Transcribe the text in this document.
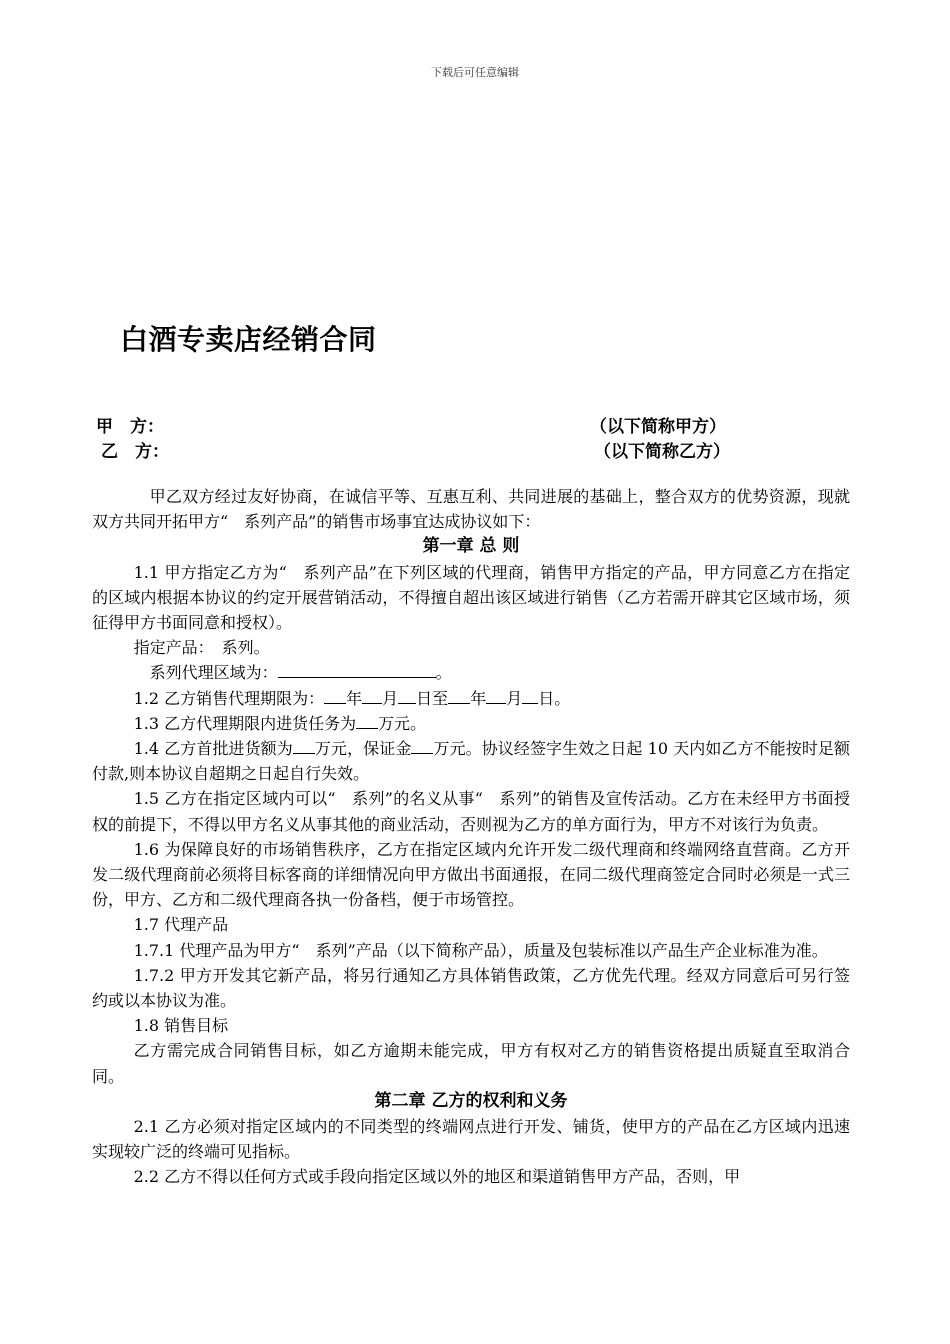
下载后可任意编辑
白酒专卖店经销合同
甲　方：	（以下简称甲方）
乙　方：	（以下简称乙方）

甲乙双方经过友好协商，在诚信平等、互惠互利、共同进展的基础上，整合双方的优势资源，现就双方共同开拓甲方“　系列产品”的销售市场事宜达成协议如下：

第一章 总 则

1.1 甲方指定乙方为“　系列产品”在下列区域的代理商，销售甲方指定的产品，甲方同意乙方在指定的区域内根据本协议的约定开展营销活动，不得擅自超出该区域进行销售（乙方若需开辟其它区域市场，须征得甲方书面同意和授权）。

指定产品：　系列。

系列代理区域为：	。

1.2 乙方销售代理期限为： 年 月 日至 年 月 日。

1.3 乙方代理期限内进货任务为 万元。

1.4 乙方首批进货额为 万元，保证金 万元。协议经签字生效之日起 10 天内如乙方不能按时足额付款,则本协议自超期之日起自行失效。

1.5 乙方在指定区域内可以“　系列”的名义从事“　系列”的销售及宣传活动。乙方在未经甲方书面授权的前提下，不得以甲方名义从事其他的商业活动，否则视为乙方的单方面行为，甲方不对该行为负责。

1.6 为保障良好的市场销售秩序，乙方在指定区域内允许开发二级代理商和终端网络直营商。乙方开发二级代理商前必须将目标客商的详细情况向甲方做出书面通报，在同二级代理商签定合同时必须是一式三份，甲方、乙方和二级代理商各执一份备档，便于市场管控。

1.7 代理产品

1.7.1 代理产品为甲方“　系列”产品（以下简称产品），质量及包装标准以产品生产企业标准为准。

1.7.2 甲方开发其它新产品，将另行通知乙方具体销售政策，乙方优先代理。经双方同意后可另行签约或以本协议为准。

1.8 销售目标

乙方需完成合同销售目标，如乙方逾期未能完成，甲方有权对乙方的销售资格提出质疑直至取消合同。

第二章 乙方的权利和义务

2.1 乙方必须对指定区域内的不同类型的终端网点进行开发、铺货，使甲方的产品在乙方区域内迅速实现较广泛的终端可见指标。

2.2 乙方不得以任何方式或手段向指定区域以外的地区和渠道销售甲方产品，否则，甲
